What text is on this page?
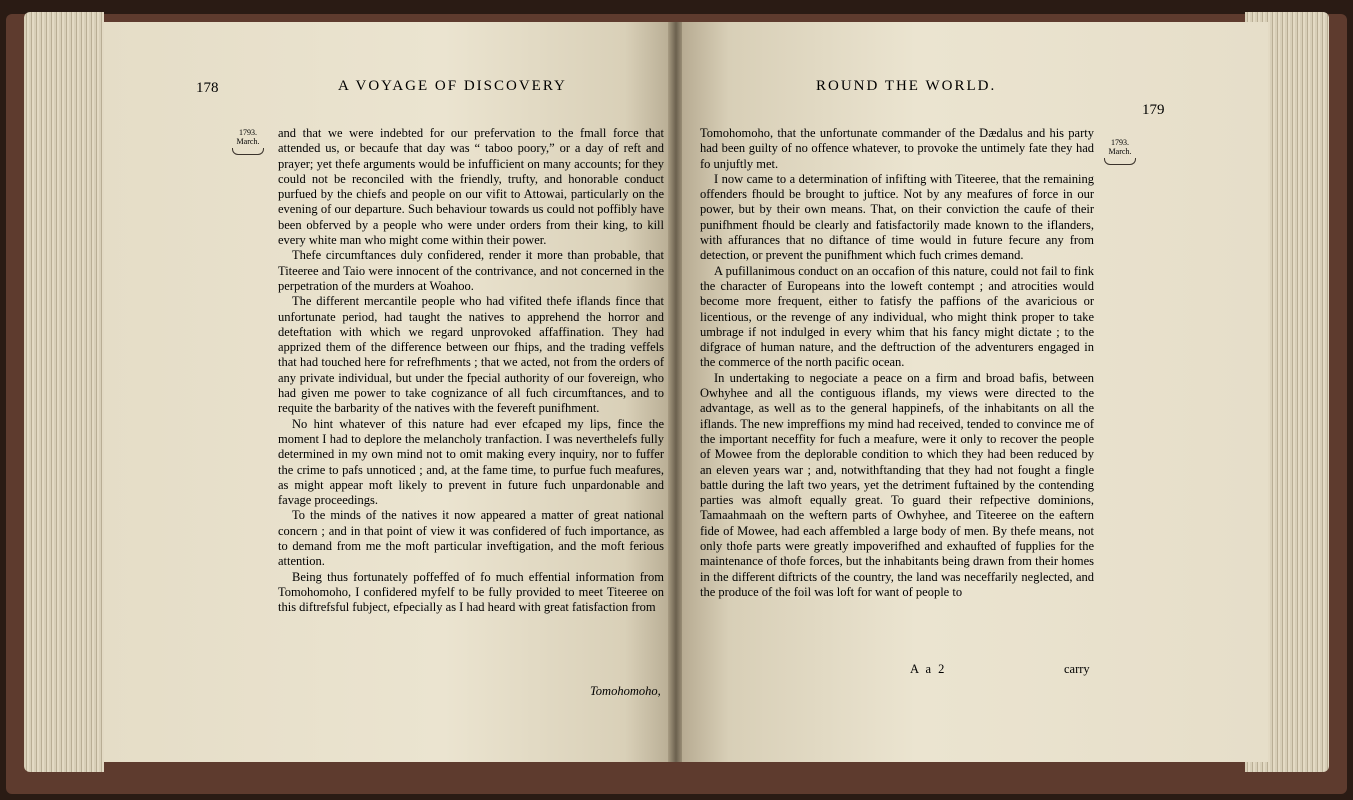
178	A VOYAGE OF DISCOVERY
1793.
March.

and that we were indebted for our prefervation to the fmall force that attended us, or becaufe that day was “ taboo poory,” or a day of reft and prayer; yet thefe arguments would be infufficient on many accounts; for they could not be reconciled with the friendly, trufty, and honorable conduct purfued by the chiefs and people on our vifit to Attowai, particularly on the evening of our departure. Such behaviour towards us could not poffibly have been obferved by a people who were under orders from their king, to kill every white man who might come within their power.

Thefe circumftances duly confidered, render it more than probable, that Titeeree and Taio were innocent of the contrivance, and not concerned in the perpetration of the murders at Woahoo.

The different mercantile people who had vifited thefe iflands fince that unfortunate period, had taught the natives to apprehend the horror and deteftation with which we regard unprovoked affaffination. They had apprized them of the difference between our fhips, and the trading veffels that had touched here for refrefhments ; that we acted, not from the orders of any private individual, but under the fpecial authority of our fovereign, who had given me power to take cognizance of all fuch circumftances, and to requite the barbarity of the natives with the fevereft punifhment.

No hint whatever of this nature had ever efcaped my lips, fince the moment I had to deplore the melancholy tranfaction. I was neverthelefs fully determined in my own mind not to omit making every inquiry, nor to fuffer the crime to pafs unnoticed ; and, at the fame time, to purfue fuch meafures, as might appear moft likely to prevent in future fuch unpardonable and favage proceedings.

To the minds of the natives it now appeared a matter of great national concern ; and in that point of view it was confidered of fuch importance, as to demand from me the moft particular inveftigation, and the moft ferious attention.

Being thus fortunately poffeffed of fo much effential information from Tomohomoho, I confidered myfelf to be fully provided to meet Titeeree on this diftrefsful fubject, efpecially as I had heard with great fatisfaction from

Tomohomoho,
ROUND THE WORLD.
179
1793.
March.

Tomohomoho, that the unfortunate commander of the Dædalus and his party had been guilty of no offence whatever, to provoke the untimely fate they had fo unjuftly met.

I now came to a determination of infifting with Titeeree, that the remaining offenders fhould be brought to juftice. Not by any meafures of force in our power, but by their own means. That, on their conviction the caufe of their punifhment fhould be clearly and fatisfactorily made known to the iflanders, with affurances that no diftance of time would in future fecure any from detection, or prevent the punifhment which fuch crimes demand.

A pufillanimous conduct on an occafion of this nature, could not fail to fink the character of Europeans into the loweft contempt ; and atrocities would become more frequent, either to fatisfy the paffions of the avaricious or licentious, or the revenge of any individual, who might think proper to take umbrage if not indulged in every whim that his fancy might dictate ; to the difgrace of human nature, and the deftruction of the adventurers engaged in the commerce of the north pacific ocean.

In undertaking to negociate a peace on a firm and broad bafis, between Owhyhee and all the contiguous iflands, my views were directed to the advantage, as well as to the general happinefs, of the inhabitants on all the iflands. The new impreffions my mind had received, tended to convince me of the important neceffity for fuch a meafure, were it only to recover the people of Mowee from the deplorable condition to which they had been reduced by an eleven years war ; and, notwithftanding that they had not fought a fingle battle during the laft two years, yet the detriment fuftained by the contending parties was almoft equally great. To guard their refpective dominions, Tamaahmaah on the weftern parts of Owhyhee, and Titeeree on the eaftern fide of Mowee, had each affembled a large body of men. By thefe means, not only thofe parts were greatly impoverifhed and exhaufted of fupplies for the maintenance of thofe forces, but the inhabitants being drawn from their homes in the different diftricts of the country, the land was neceffarily neglected, and the produce of the foil was loft for want of people to

A a 2	carry
